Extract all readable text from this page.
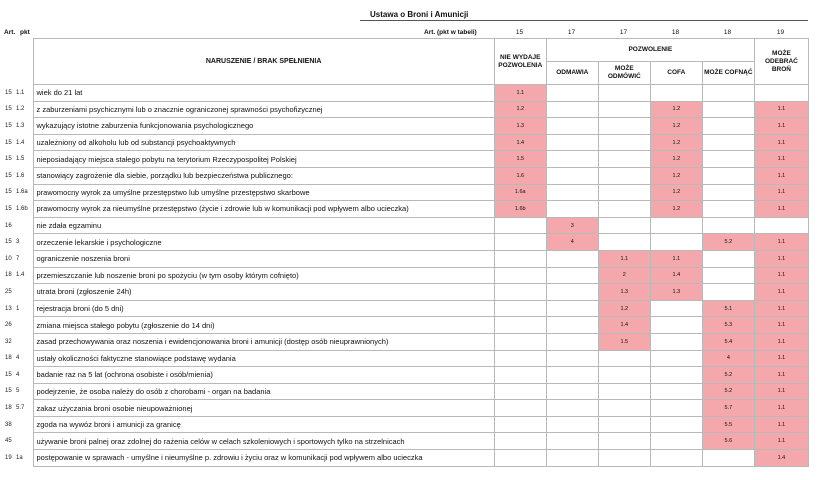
Ustawa o Broni i Amunicji
Art. pkt	Art. (pkt w tabeli)	15	17	17	18	18	19
		NARUSZENIE / BRAK SPEŁNIENIA	NIE WYDAJE POZWOLENIA	POZWOLENIE				MOŻE ODEBRAĆ BROŃ
				ODMAWIA	MOŻE ODMÓWIĆ	COFA	MOŻE COFNĄĆ	
15	1.1	wiek do 21 lat	1.1					
15	1.2	z zaburzeniami psychicznymi lub o znacznie ograniczonej sprawności psychofizycznej	1.2			1.2		1.1
15	1.3	wykazujący istotne zaburzenia funkcjonowania psychologicznego	1.3			1.2		1.1
15	1.4	uzależniony od alkoholu lub od substancji psychoaktywnych	1.4			1.2		1.1
15	1.5	nieposiadający miejsca stałego pobytu na terytorium Rzeczypospolitej Polskiej	1.5			1.2		1.1
15	1.6	stanowiący zagrożenie dla siebie, porządku lub bezpieczeństwa publicznego:	1.6			1.2		1.1
15	1.6a	prawomocny wyrok za umyślne przestępstwo lub umyślne przestępstwo skarbowe	1.6a			1.2		1.1
15	1.6b	prawomocny wyrok za nieumyślne przestępstwo (życie i zdrowie lub w komunikacji pod wpływem albo ucieczka)	1.6b			1.2		1.1
16		nie zdała egzaminu		3				
15	3	orzeczenie lekarskie i psychologiczne		4			5.2	1.1
10	7	ograniczenie noszenia broni			1.1	1.1		1.1
18	1.4	przemieszczanie lub noszenie broni po spożyciu (w tym osoby którym cofnięto)			2	1.4		1.1
25		utrata broni (zgłoszenie 24h)			1.3	1.3		1.1
13	1	rejestracja broni (do 5 dni)			1.2		5.1	1.1
26		zmiana miejsca stałego pobytu (zgłoszenie do 14 dni)			1.4		5.3	1.1
32		zasad przechowywania oraz noszenia i ewidencjonowania broni i amunicji (dostęp osób nieuprawnionych)			1.5		5.4	1.1
18	4	ustały okoliczności faktyczne stanowiące podstawę wydania					4	1.1
15	4	badanie raz na 5 lat (ochrona osobiste i osób/mienia)					5.2	1.1
15	5	podejrzenie, że osoba należy do osób z chorobami - organ na badania					5.2	1.1
18	5.7	zakaz użyczania broni osobie nieupoważnionej					5.7	1.1
38		zgoda na wywóz broni i amunicji za granicę					5.5	1.1
45		używanie broni palnej oraz zdolnej do rażenia celów w celach szkoleniowych i sportowych tylko na strzelnicach					5.6	1.1
19	1a	postępowanie w sprawach - umyślne i nieumyślne p. zdrowiu i życiu oraz w komunikacji pod wpływem albo ucieczka						1.4
